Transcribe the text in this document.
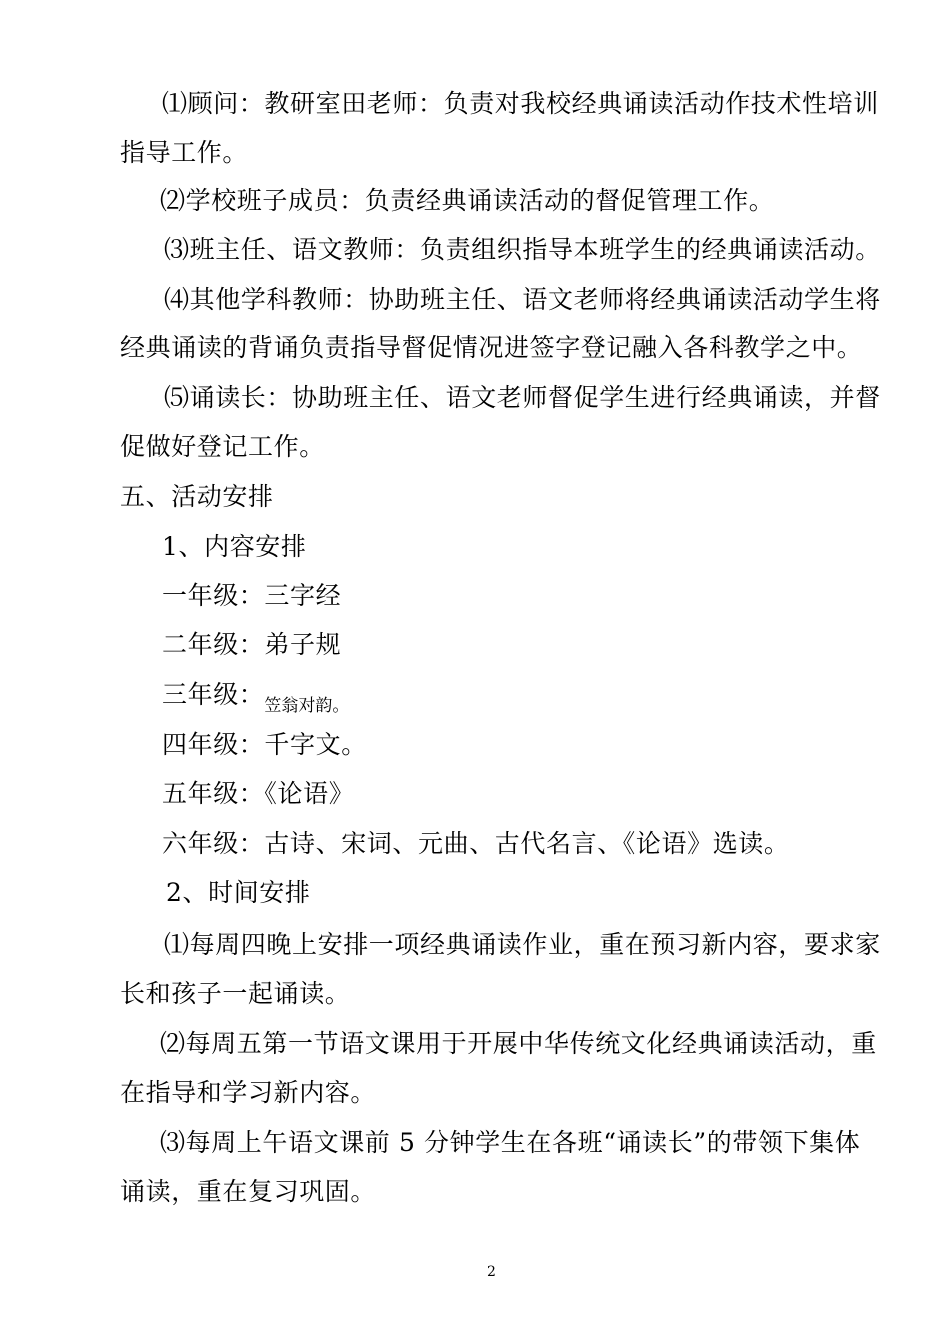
⑴顾问：教研室田老师：负责对我校经典诵读活动作技术性培训
指导工作。
⑵学校班子成员：负责经典诵读活动的督促管理工作。
⑶班主任、语文教师：负责组织指导本班学生的经典诵读活动。
⑷其他学科教师：协助班主任、语文老师将经典诵读活动学生将
经典诵读的背诵负责指导督促情况进签字登记融入各科教学之中。
⑸诵读长：协助班主任、语文老师督促学生进行经典诵读，并督
促做好登记工作。
五、活动安排
1、内容安排
一年级：三字经
二年级：弟子规
三年级：$_{笠翁对韵。}$
四年级：千字文。
五年级：《论语》
六年级：古诗、宋词、元曲、古代名言、《论语》选读。
2、时间安排
⑴每周四晚上安排一项经典诵读作业，重在预习新内容，要求家
长和孩子一起诵读。
⑵每周五第一节语文课用于开展中华传统文化经典诵读活动，重
在指导和学习新内容。
⑶每周上午语文课前 5 分钟学生在各班“诵读长”的带领下集体
诵读，重在复习巩固。
2
